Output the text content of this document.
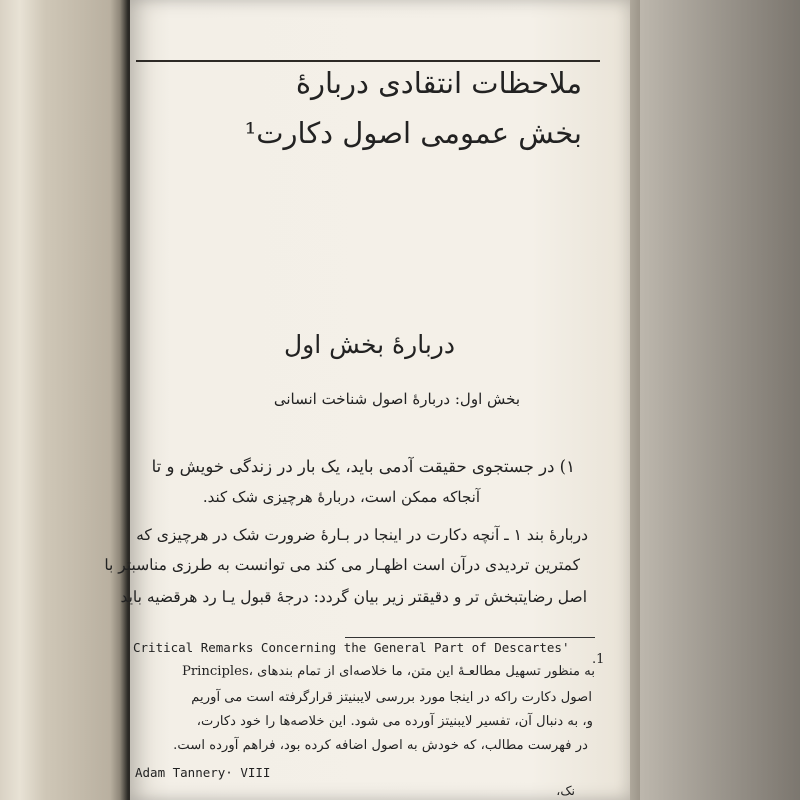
ملاحظات انتقادی دربارهٔ
بخش عمومی اصول دکارت¹
دربارهٔ بخش اول
بخش اول: دربارهٔ اصول شناخت انسانی
۱) در جستجوی حقیقت آدمی باید، یک بار در زندگی خویش و تا
آنجاکه ممکن است، دربارهٔ هرچیزی شک کند.
دربارهٔ بند ۱ ـ آنچه دکارت در اینجا در بـارهٔ ضرورت شک در هرچیزی که
کمترین تردیدی درآن است اظهـار می کند می توانست به طرزی مناسبتر با
اصل رضایتبخش تر و دقیقتر زیر بیان گردد: درجهٔ قبول یـا رد هرقضیه باید
Critical Remarks Concerning the General Part of Descartes'
.1
Principles، به منظور تسهیل مطالعـهٔ این متن، ما خلاصه‌ای از تمام بندهای
اصول دکارت راکه در اینجا مورد بررسی لایبنیتز قرارگرفته است می آوریم
و، به دنبال آن، تفسیر لایبنیتز آورده می شود. این خلاصه‌ها را خود دکارت،
در فهرست مطالب، که خودش به اصول اضافه کرده بود، فراهم آورده است.
Adam Tannery· VIII
نک،
